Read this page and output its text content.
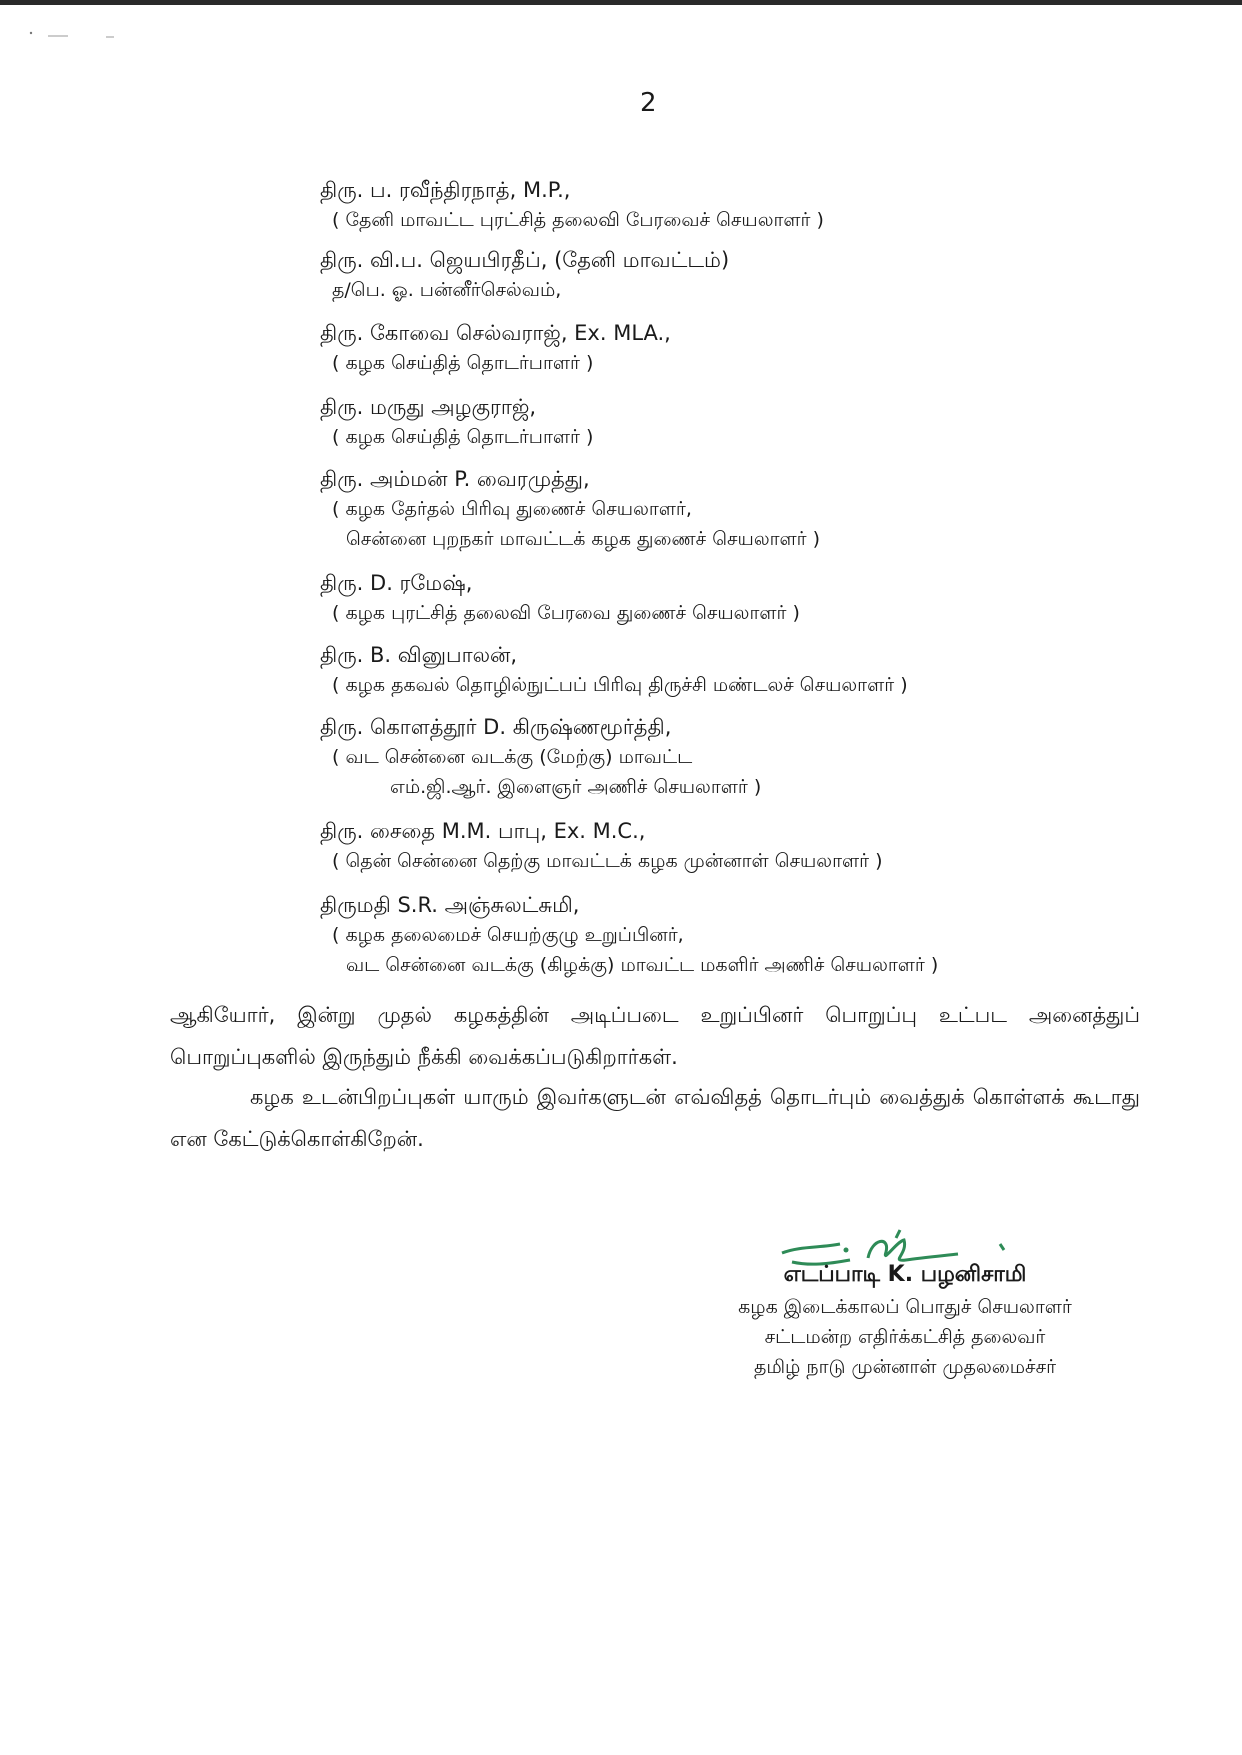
2
திரு. ப. ரவீந்திரநாத், M.P.,
( தேனி மாவட்ட புரட்சித் தலைவி பேரவைச் செயலாளர் )
திரு. வி.ப. ஜெயபிரதீப், (தேனி மாவட்டம்)
த/பெ. ஓ. பன்னீர்செல்வம்,
திரு. கோவை செல்வராஜ், Ex. MLA.,
( கழக செய்தித் தொடர்பாளர் )
திரு. மருது அழகுராஜ்,
( கழக செய்தித் தொடர்பாளர் )
திரு. அம்மன் P. வைரமுத்து,
( கழக தேர்தல் பிரிவு துணைச் செயலாளர்,
சென்னை புறநகர் மாவட்டக் கழக துணைச் செயலாளர் )
திரு. D. ரமேஷ்,
( கழக புரட்சித் தலைவி பேரவை துணைச் செயலாளர் )
திரு. B. வினுபாலன்,
( கழக தகவல் தொழில்நுட்பப் பிரிவு திருச்சி மண்டலச் செயலாளர் )
திரு. கொளத்தூர் D. கிருஷ்ணமூர்த்தி,
( வட சென்னை வடக்கு (மேற்கு) மாவட்ட
எம்.ஜி.ஆர். இளைஞர் அணிச் செயலாளர் )
திரு. சைதை M.M. பாபு, Ex. M.C.,
( தென் சென்னை தெற்கு மாவட்டக் கழக முன்னாள் செயலாளர் )
திருமதி S.R. அஞ்சுலட்சுமி,
( கழக தலைமைச் செயற்குழு உறுப்பினர்,
வட சென்னை வடக்கு (கிழக்கு) மாவட்ட மகளிர் அணிச் செயலாளர் )
ஆகியோர், இன்று முதல் கழகத்தின் அடிப்படை உறுப்பினர் பொறுப்பு உட்பட அனைத்துப் பொறுப்புகளில் இருந்தும் நீக்கி வைக்கப்படுகிறார்கள்.
கழக உடன்பிறப்புகள் யாரும் இவர்களுடன் எவ்விதத் தொடர்பும் வைத்துக் கொள்ளக் கூடாது என கேட்டுக்கொள்கிறேன்.
எடப்பாடி K. பழனிசாமி
கழக இடைக்காலப் பொதுச் செயலாளர்
சட்டமன்ற எதிர்க்கட்சித் தலைவர்
தமிழ் நாடு முன்னாள் முதலமைச்சர்
